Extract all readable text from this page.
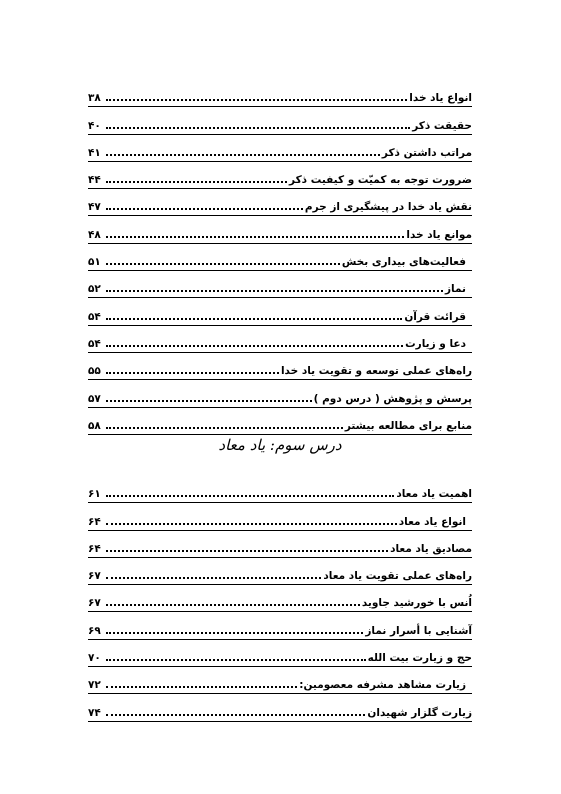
انواع یاد خدا
۳۸
حقیقت ذکر
۴۰
مراتب داشتن ذکر
۴۱
ضرورت توجه به کمیّت و کیفیت ذکر
۴۴
نقش یاد خدا در پیشگیری از جرم
۴۷
موانع یاد خدا
۴۸
فعالیت‌های بیداری بخش
۵۱
نماز
۵۲
قرائت قرآن
۵۴
دعا و زیارت
۵۴
راه‌های عملی توسعه و تقویت یاد خدا
۵۵
پرسش و پژوهش ( درس دوم )
۵۷
منابع برای مطالعه بیشتر
۵۸
درس سوم: یاد معاد
اهمیت یاد معاد
۶۱
انواع یاد معاد
۶۴
مصادیق یاد معاد
۶۴
راه‌های عملی تقویت یاد معاد
۶۷
اُنس با خورشید جاوید
۶۷
آشنایی با أسرار نماز
۶۹
حج و زیارت بیت الله
۷۰
زیارت مشاهد مشرفه معصومین:
۷۲
زیارت گلزار شهیدان
۷۴
